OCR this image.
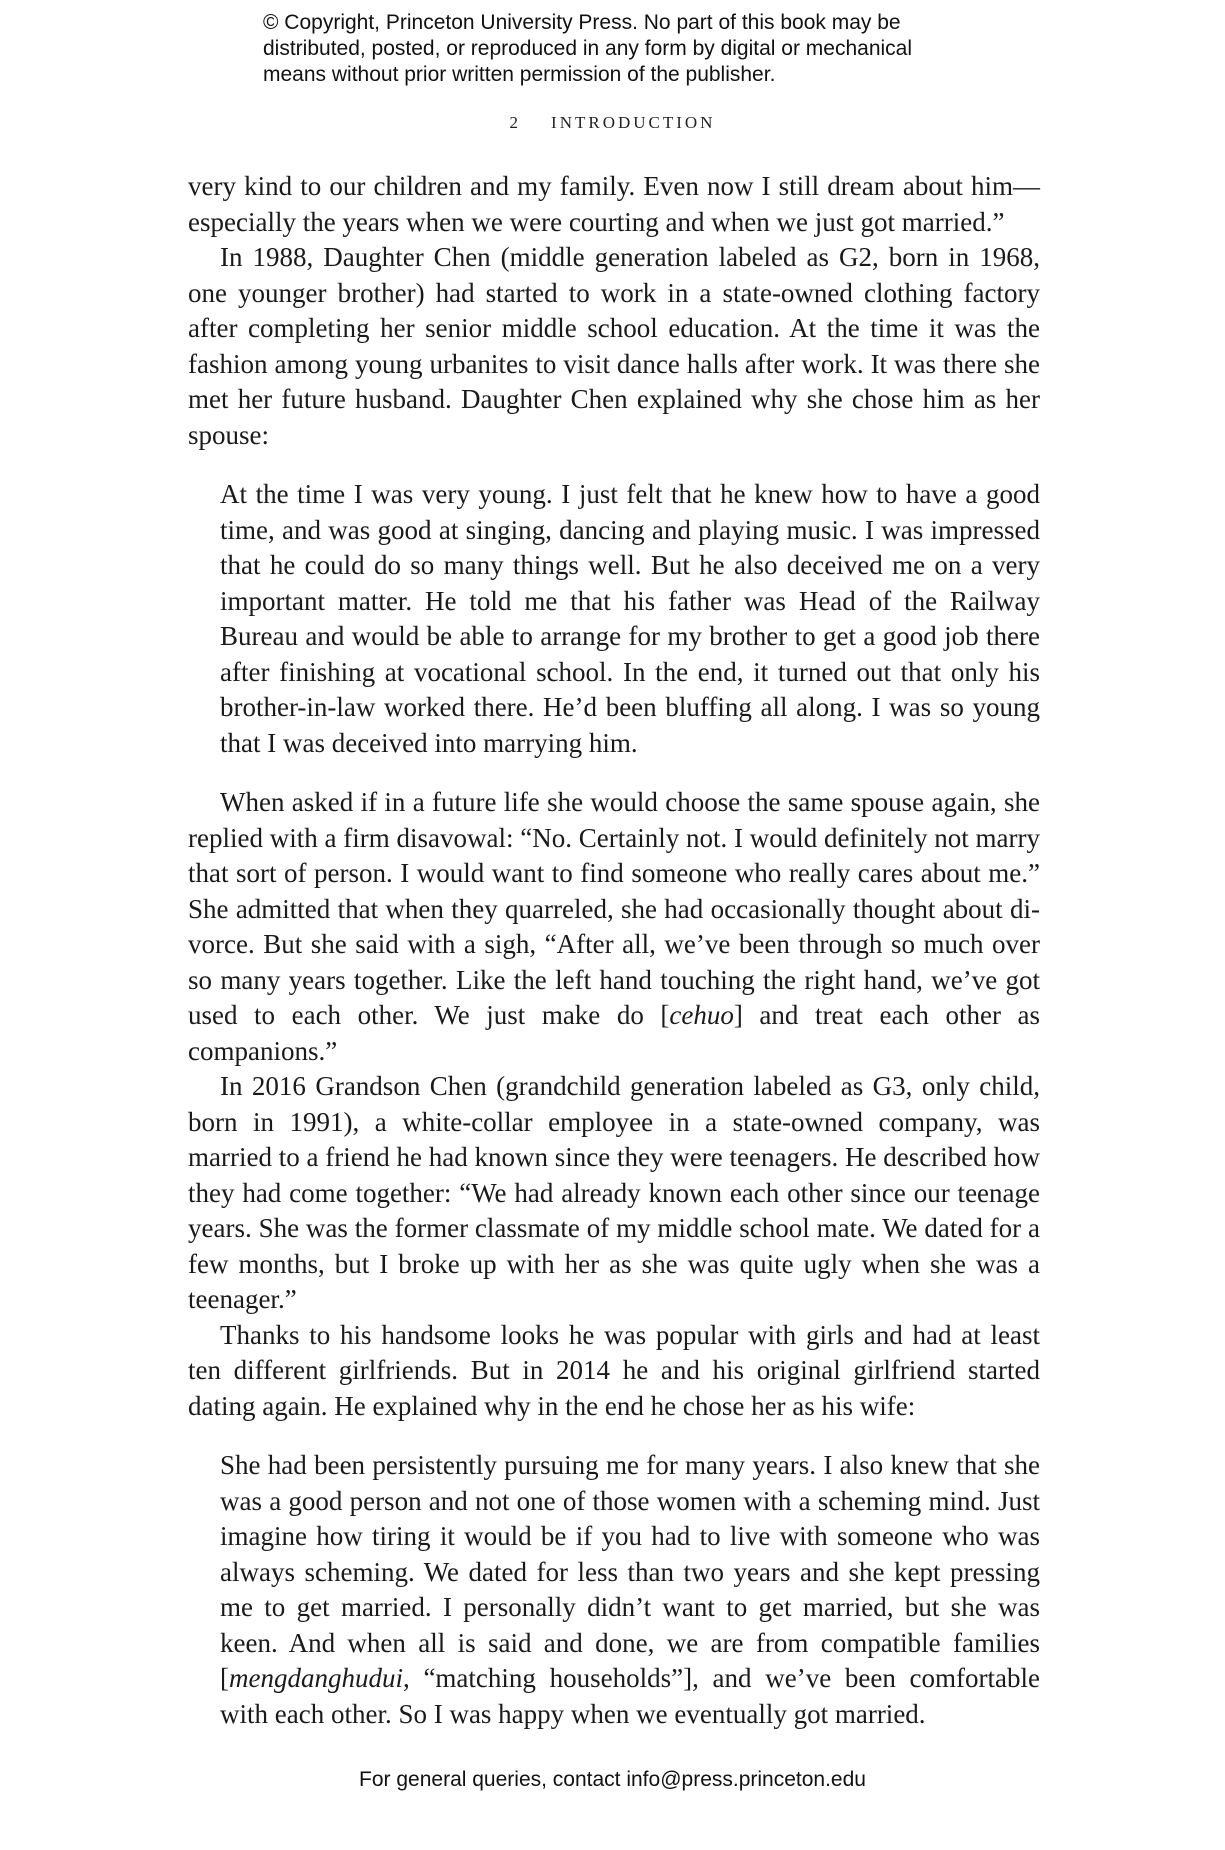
© Copyright, Princeton University Press. No part of this book may be

distributed, posted, or reproduced in any form by digital or mechanical

means without prior written permission of the publisher.

2 INTRODUCTION

very kind to our children and my family. Even now I still dream about him—especially the years when we were courting and when we just got married.”

In 1988, Daughter Chen (middle generation labeled as G2, born in 1968, one younger brother) had started to work in a state-owned clothing factory after completing her senior middle school education. At the time it was the fashion among young urbanites to visit dance halls after work. It was there she met her future husband. Daughter Chen explained why she chose him as her spouse:

At the time I was very young. I just felt that he knew how to have a good time, and was good at singing, dancing and playing music. I was impressed that he could do so many things well. But he also deceived me on a very important matter. He told me that his father was Head of the Railway Bureau and would be able to arrange for my brother to get a good job there after finishing at vocational school. In the end, it turned out that only his brother-in-law worked there. He’d been bluffing all along. I was so young that I was deceived into marrying him.

When asked if in a future life she would choose the same spouse again, she replied with a firm disavowal: “No. Certainly not. I would definitely not marry that sort of person. I would want to find someone who really cares about me.” She admitted that when they quarreled, she had occasionally thought about divorce. But she said with a sigh, “After all, we’ve been through so much over so many years together. Like the left hand touching the right hand, we’ve got used to each other. We just make do [cehuo] and treat each other as companions.”

In 2016 Grandson Chen (grandchild generation labeled as G3, only child, born in 1991), a white-collar employee in a state-owned company, was married to a friend he had known since they were teenagers. He described how they had come together: “We had already known each other since our teenage years. She was the former classmate of my middle school mate. We dated for a few months, but I broke up with her as she was quite ugly when she was a teenager.”

Thanks to his handsome looks he was popular with girls and had at least ten different girlfriends. But in 2014 he and his original girlfriend started dating again. He explained why in the end he chose her as his wife:

She had been persistently pursuing me for many years. I also knew that she was a good person and not one of those women with a scheming mind. Just imagine how tiring it would be if you had to live with someone who was always scheming. We dated for less than two years and she kept pressing me to get married. I personally didn’t want to get married, but she was keen. And when all is said and done, we are from compatible families [mengdanghudui, “matching households”], and we’ve been comfortable with each other. So I was happy when we eventually got married.

For general queries, contact info@press.princeton.edu
